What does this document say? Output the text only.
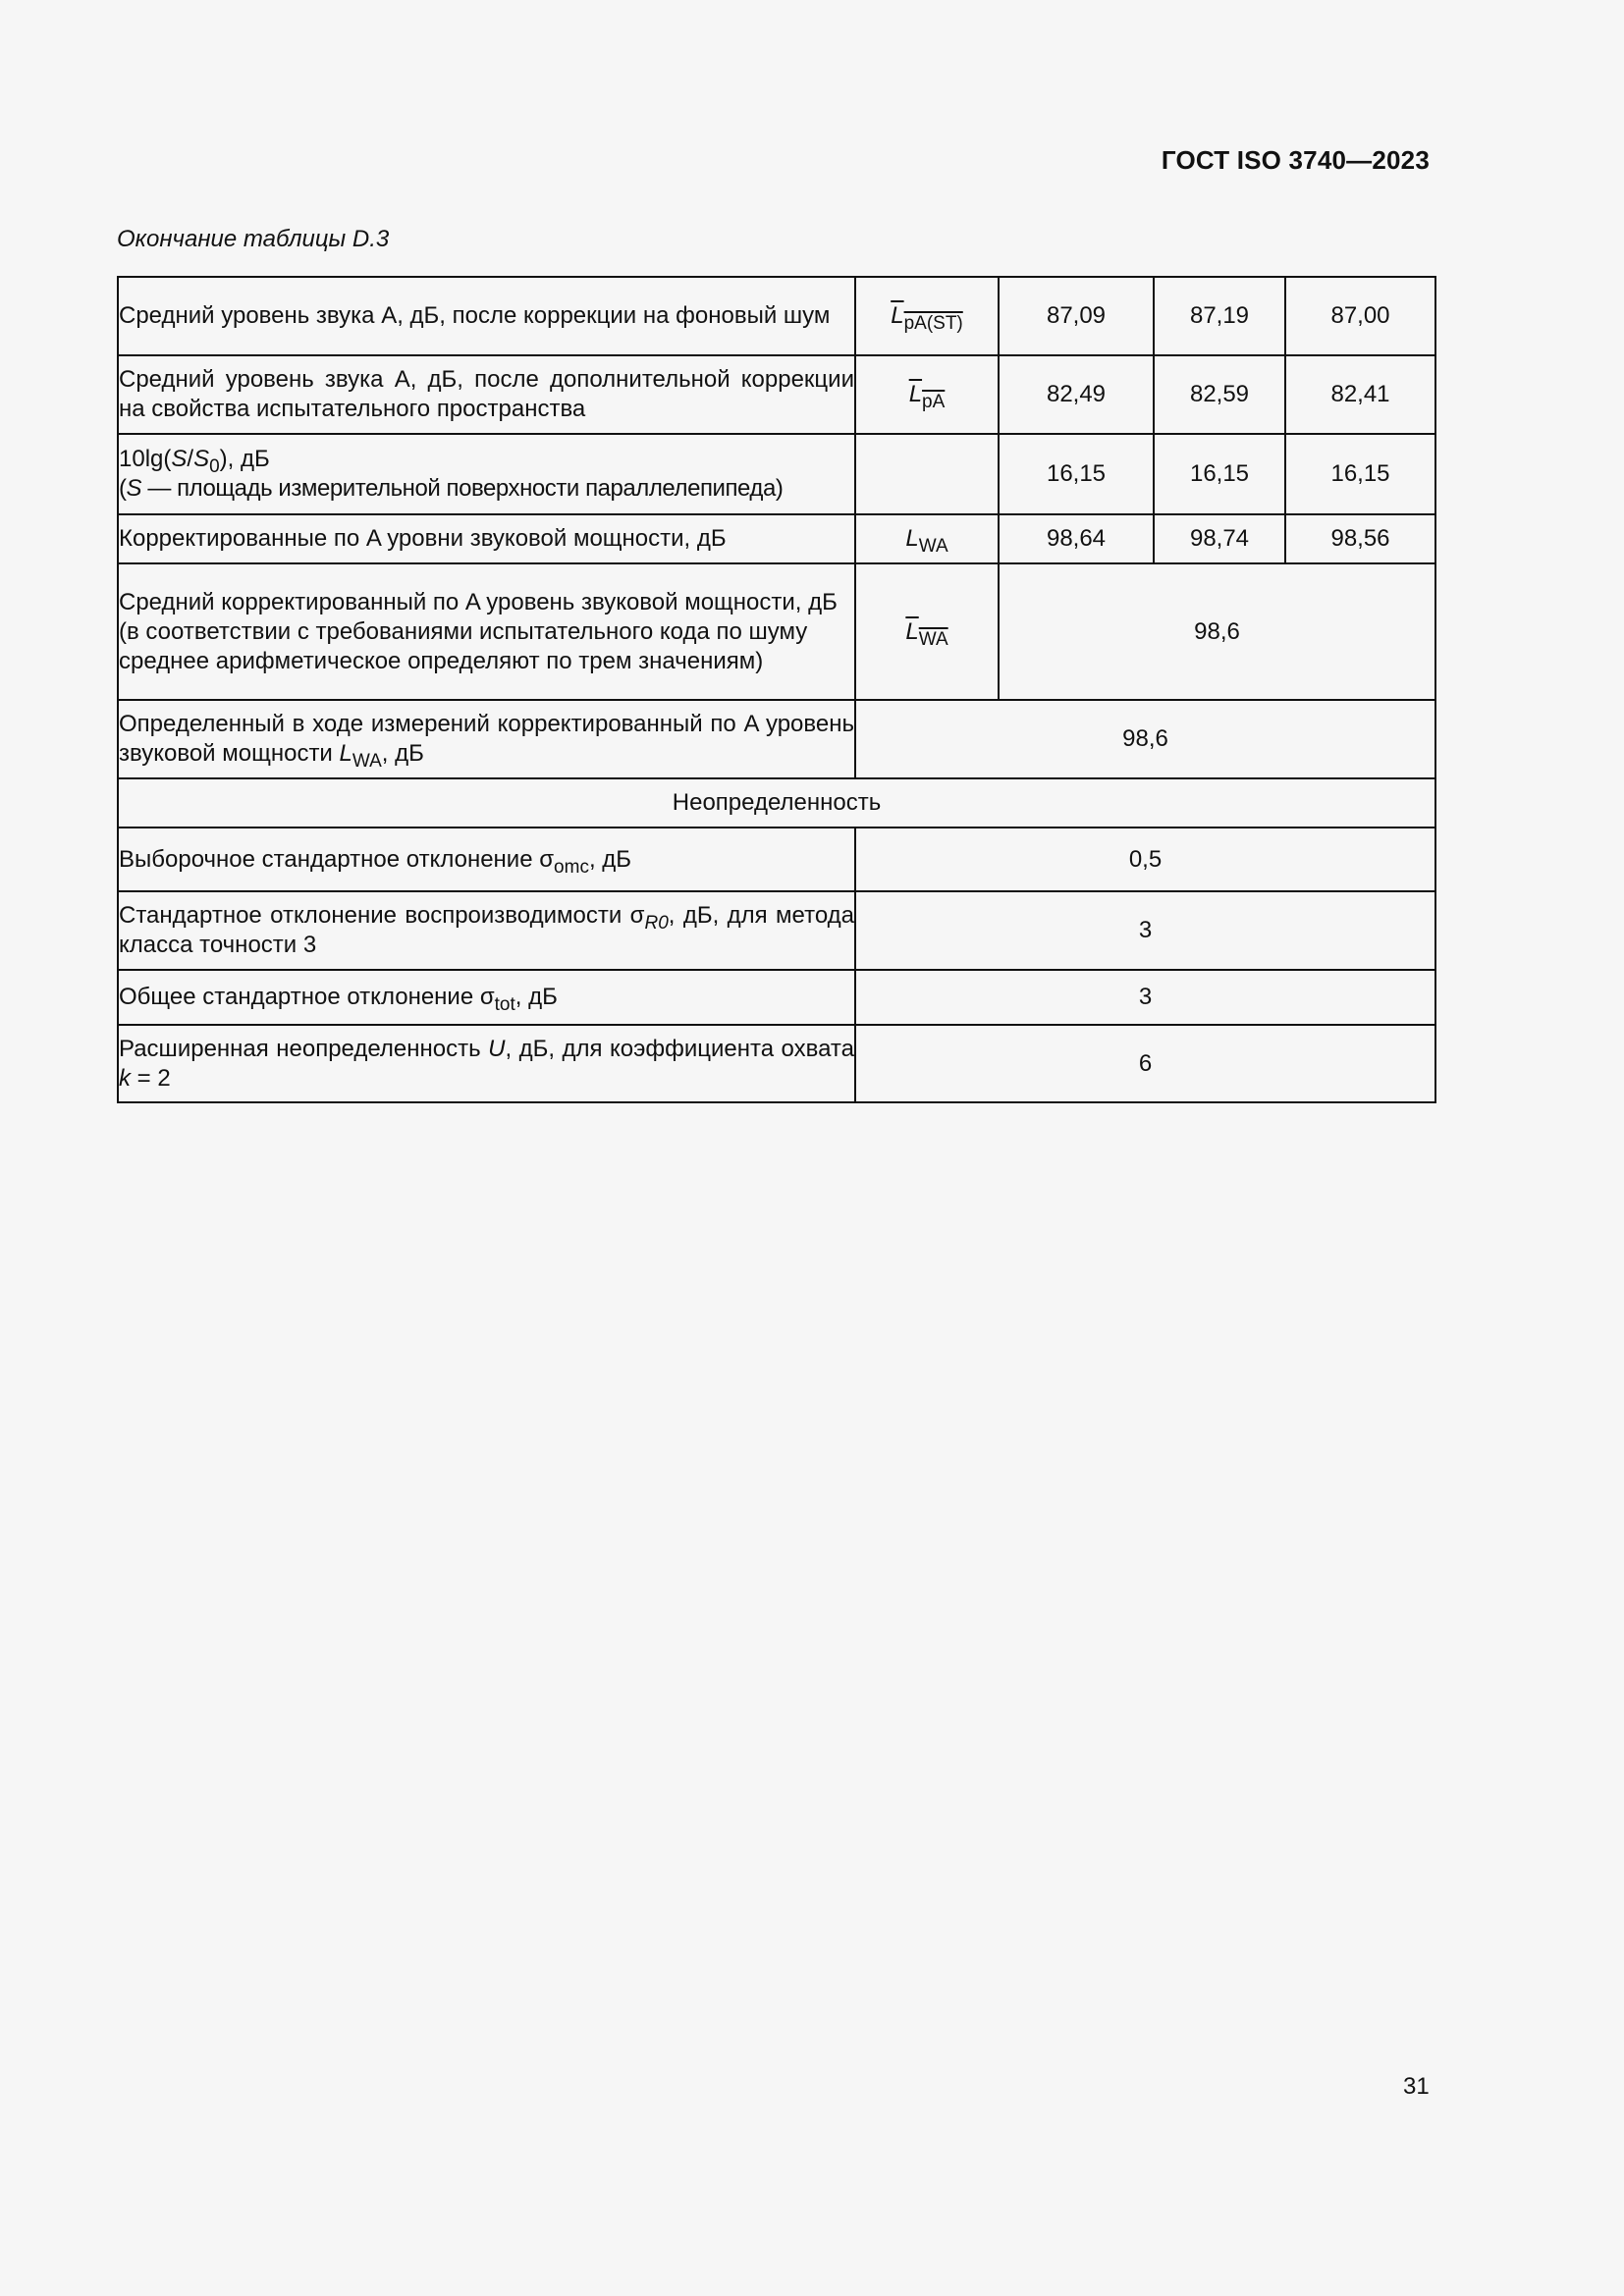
ГОСТ ISO 3740—2023
Окончание таблицы D.3
Средний уровень звука A, дБ, после коррекции на фоновый шум	$L_{pA(ST)}$	87,09	87,19	87,00
Средний уровень звука A, дБ, после дополнительной коррекции на свойства испытательного пространства	$L_{pA}$	82,49	82,59	82,41
$10\lg(S/S_0)$, дБ
(S — площадь измерительной поверхности параллелепипеда)		16,15	16,15	16,15
Корректированные по A уровни звуковой мощности, дБ	$L_{WA}$	98,64	98,74	98,56
Средний корректированный по A уровень звуковой мощности, дБ
(в соответствии с требованиями испытательного кода по шуму среднее арифметическое определяют по трем значениям)	$L_{WA}$	98,6		
Определенный в ходе измерений корректированный по A уровень звуковой мощности $L_{WA}$, дБ	98,6			
Неопределенность				
Выборочное стандартное отклонение $\sigma_{omc}$, дБ	0,5			
Стандартное отклонение воспроизводимости $\sigma_{R0}$, дБ, для метода класса точности 3	3			
Общее стандартное отклонение $\sigma_{tot}$, дБ	3			
Расширенная неопределенность U, дБ, для коэффициента охвата k = 2	6			
31
